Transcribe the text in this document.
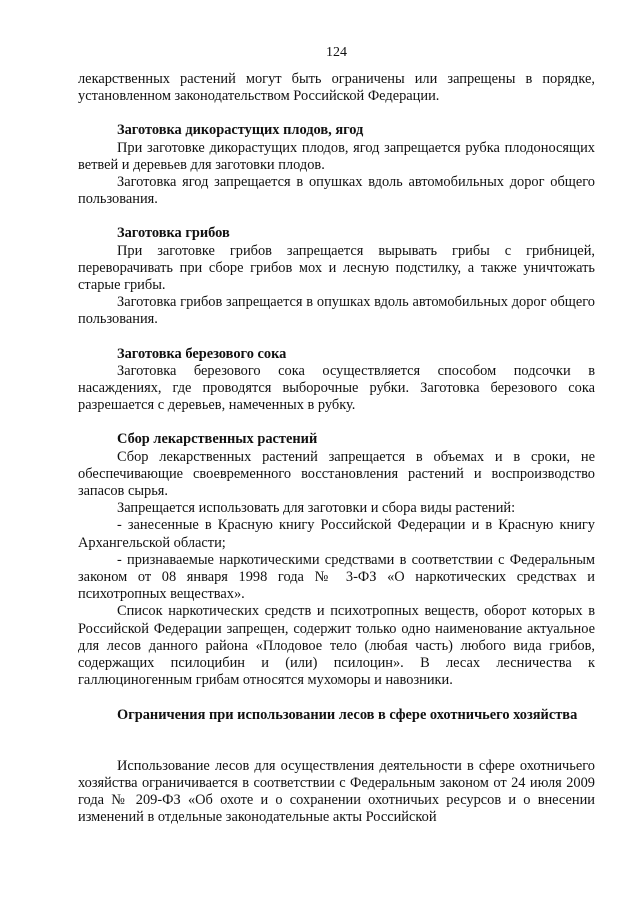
124

лекарственных растений могут быть ограничены или запрещены в порядке, установленном законодательством Российской Федерации.

Заготовка дикорастущих плодов, ягод

При заготовке дикорастущих плодов, ягод запрещается рубка плодоносящих ветвей и деревьев для заготовки плодов.

Заготовка ягод запрещается в опушках вдоль автомобильных дорог общего пользования.

Заготовка грибов

При заготовке грибов запрещается вырывать грибы с грибницей, переворачивать при сборе грибов мох и лесную подстилку, а также уничтожать старые грибы.

Заготовка грибов запрещается в опушках вдоль автомобильных дорог общего пользования.

Заготовка березового сока

Заготовка березового сока осуществляется способом подсочки в насаждениях, где проводятся выборочные рубки. Заготовка березового сока разрешается с деревьев, намеченных в рубку.

Сбор лекарственных растений

Сбор лекарственных растений запрещается в объемах и в сроки, не обеспечивающие своевременного восстановления растений и воспроизводство запасов сырья.

Запрещается использовать для заготовки и сбора виды растений:

- занесенные в Красную книгу Российской Федерации и в Красную книгу Архангельской области;

- признаваемые наркотическими средствами в соответствии с Федеральным законом от 08 января 1998 года № 3-ФЗ «О наркотических средствах и психотропных веществах».

Список наркотических средств и психотропных веществ, оборот которых в Российской Федерации запрещен, содержит только одно наименование актуальное для лесов данного района «Плодовое тело (любая часть) любого вида грибов, содержащих псилоцибин и (или) псилоцин». В лесах лесничества к галлюциногенным грибам относятся мухоморы и навозники.

Ограничения при использовании лесов в сфере охотничьего хозяйства

Использование лесов для осуществления деятельности в сфере охотничьего хозяйства ограничивается в соответствии с Федеральным законом от 24 июля 2009 года № 209-ФЗ «Об охоте и о сохранении охотничьих ресурсов и о внесении изменений в отдельные законодательные акты Российской
